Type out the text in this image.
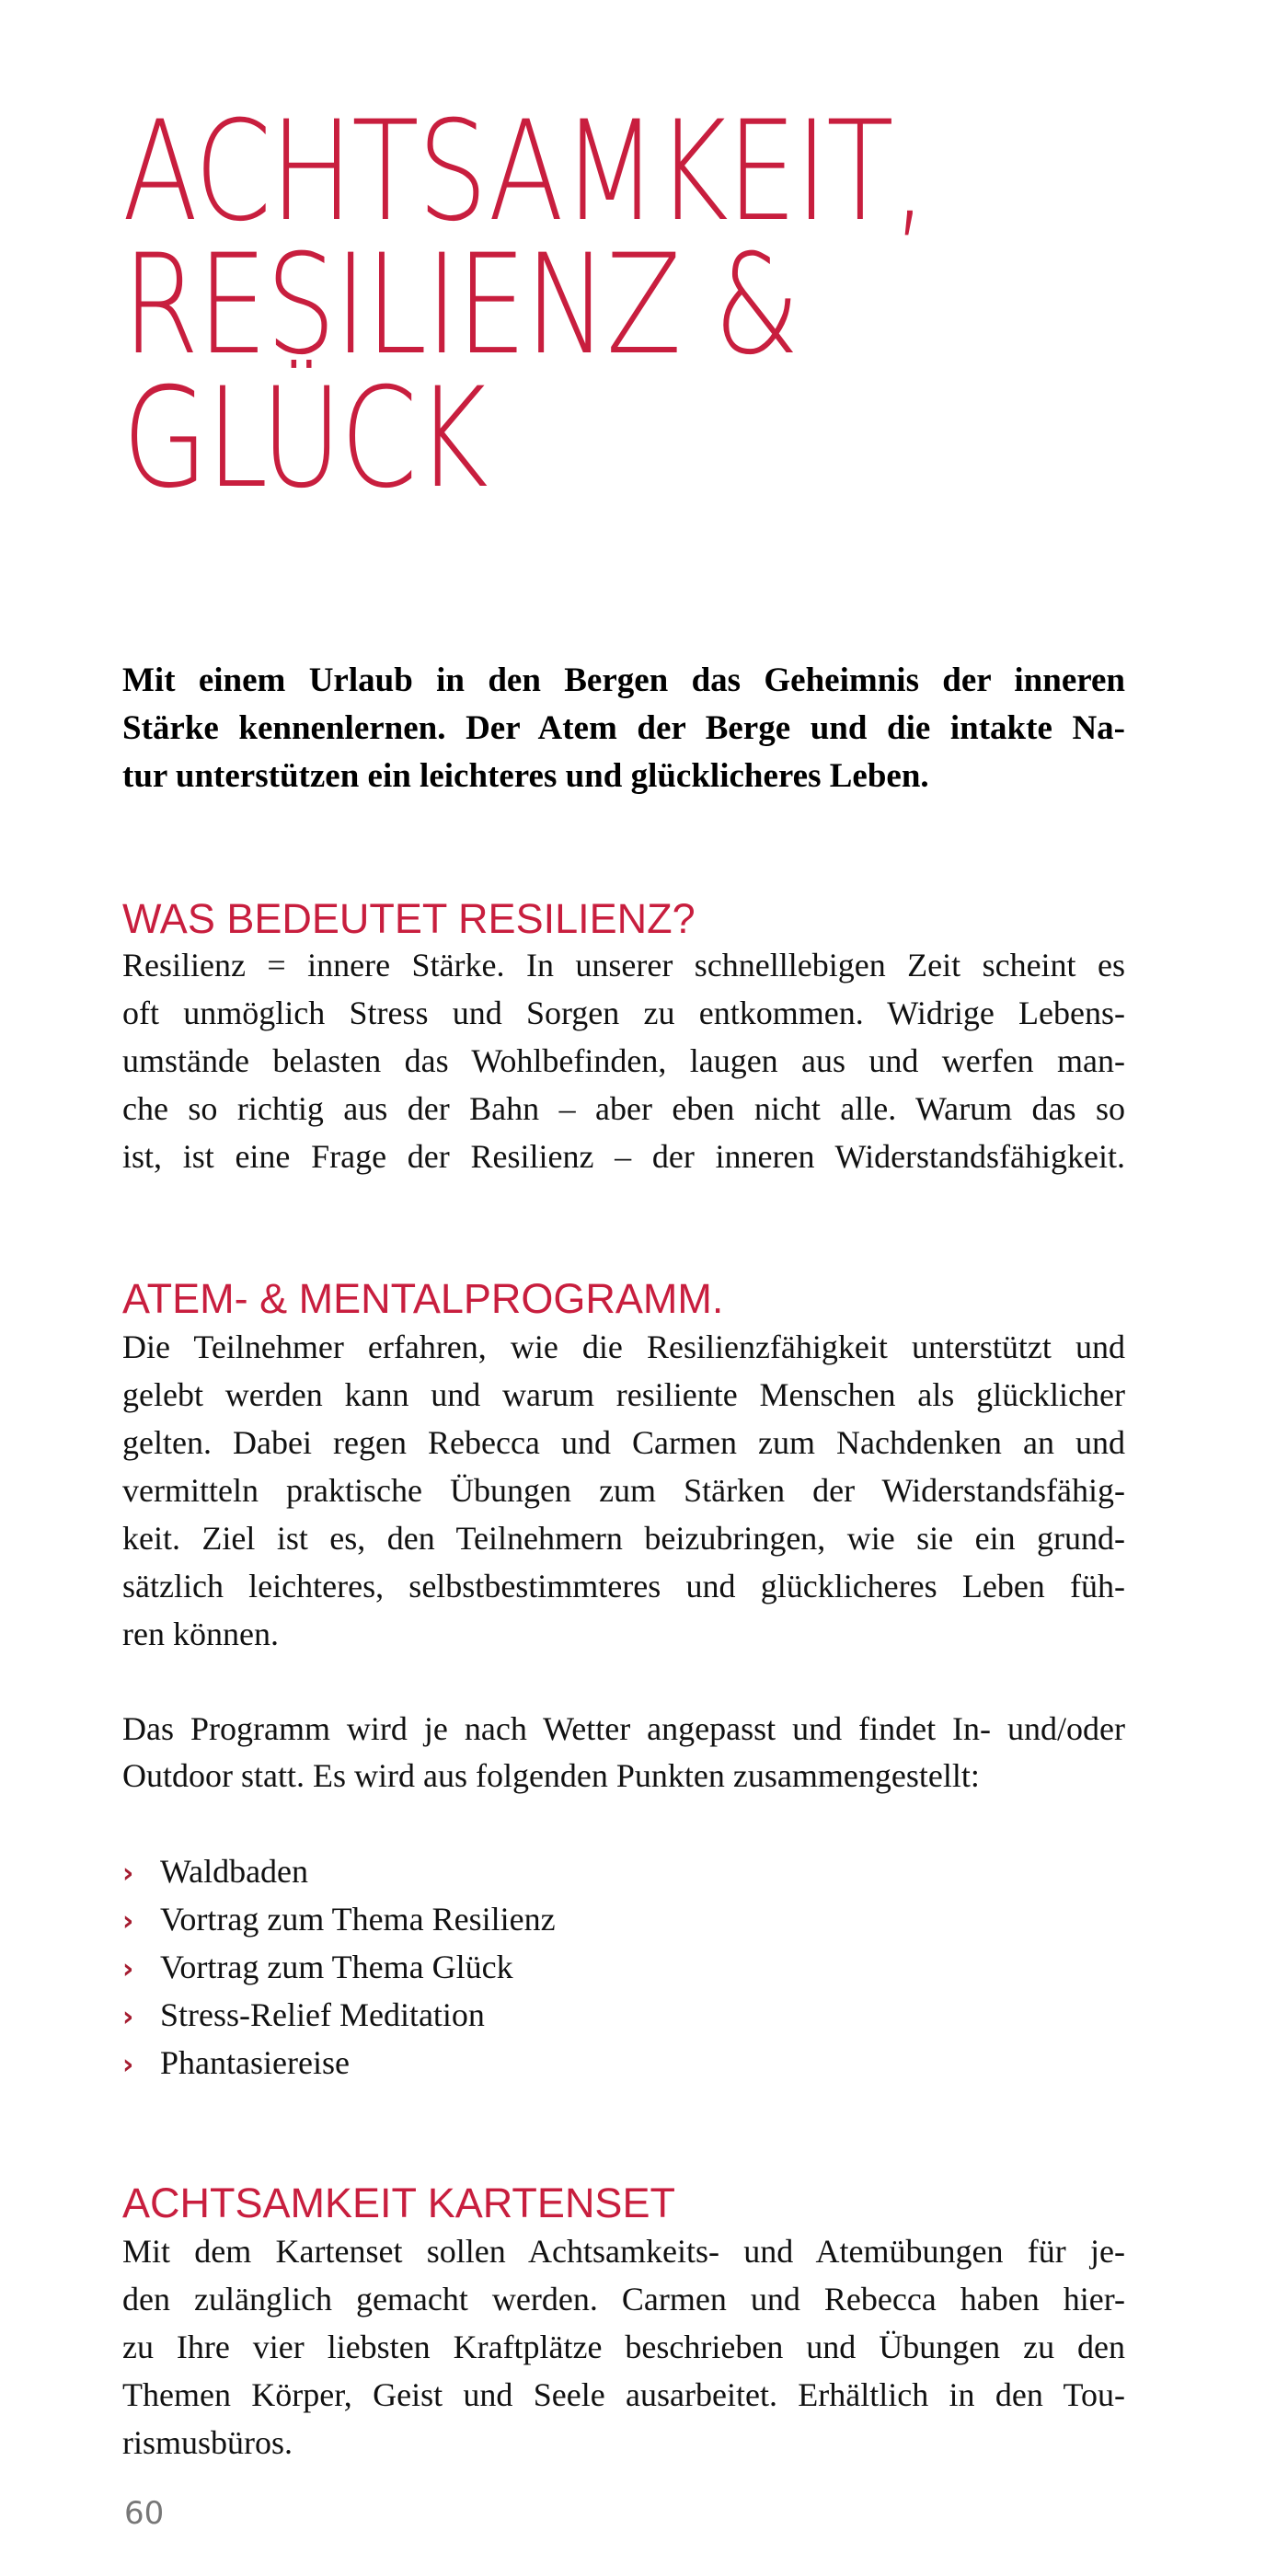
ACHTSAMKEIT,
RESILIENZ &
GLÜCK
Mit einem Urlaub in den Bergen das Geheimnis der inneren
Stärke kennenlernen. Der Atem der Berge und die intakte Na-
tur unterstützen ein leichteres und glücklicheres Leben.
WAS BEDEUTET RESILIENZ?
Resilienz = innere Stärke. In unserer schnelllebigen Zeit scheint es
oft unmöglich Stress und Sorgen zu entkommen. Widrige Lebens-
umstände belasten das Wohlbefinden, laugen aus und werfen man-
che so richtig aus der Bahn – aber eben nicht alle. Warum das so
ist, ist eine Frage der Resilienz – der inneren Widerstandsfähigkeit.
ATEM- & MENTALPROGRAMM.
Die Teilnehmer erfahren, wie die Resilienzfähigkeit unterstützt und
gelebt werden kann und warum resiliente Menschen als glücklicher
gelten. Dabei regen Rebecca und Carmen zum Nachdenken an und
vermitteln praktische Übungen zum Stärken der Widerstandsfähig-
keit. Ziel ist es, den Teilnehmern beizubringen, wie sie ein grund-
sätzlich leichteres, selbstbestimmteres und glücklicheres Leben füh-
ren können.
Das Programm wird je nach Wetter angepasst und findet In- und/oder
Outdoor statt. Es wird aus folgenden Punkten zusammengestellt:
› Waldbaden
› Vortrag zum Thema Resilienz
› Vortrag zum Thema Glück
› Stress-Relief Meditation
› Phantasiereise
ACHTSAMKEIT KARTENSET
Mit dem Kartenset sollen Achtsamkeits- und Atemübungen für je-
den zulänglich gemacht werden. Carmen und Rebecca haben hier-
zu Ihre vier liebsten Kraftplätze beschrieben und Übungen zu den
Themen Körper, Geist und Seele ausarbeitet. Erhältlich in den Tou-
rismusbüros.
60
